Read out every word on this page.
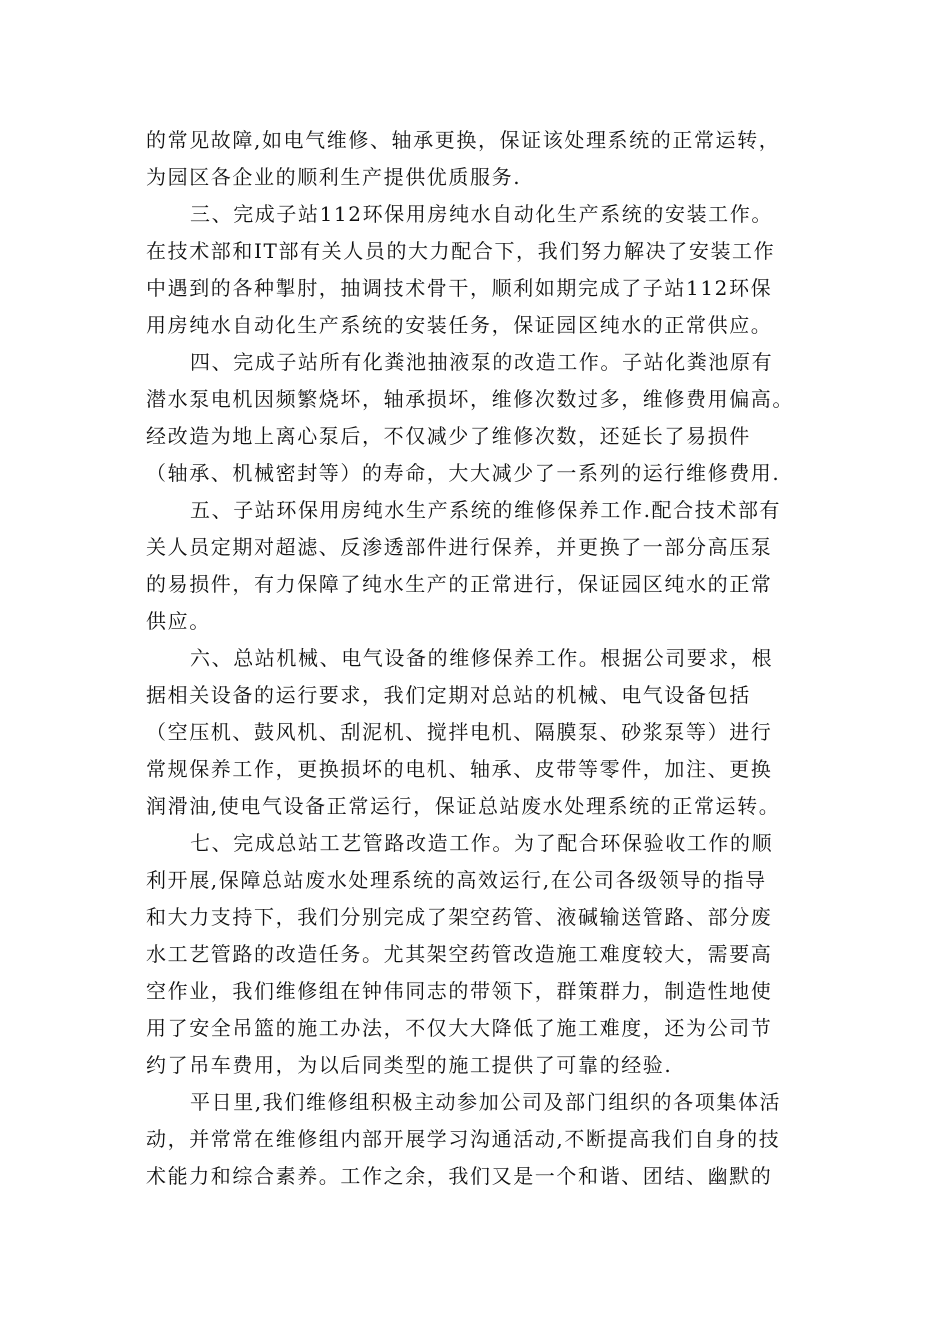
的常见故障,如电气维修、轴承更换，保证该处理系统的正常运转，
为园区各企业的顺利生产提供优质服务.
三、完成子站112环保用房纯水自动化生产系统的安装工作。
在技术部和IT部有关人员的大力配合下，我们努力解决了安装工作
中遇到的各种掣肘，抽调技术骨干，顺利如期完成了子站112环保
用房纯水自动化生产系统的安装任务，保证园区纯水的正常供应。
四、完成子站所有化粪池抽液泵的改造工作。子站化粪池原有
潜水泵电机因频繁烧坏，轴承损坏，维修次数过多，维修费用偏高。
经改造为地上离心泵后，不仅减少了维修次数，还延长了易损件
（轴承、机械密封等）的寿命，大大减少了一系列的运行维修费用.
五、子站环保用房纯水生产系统的维修保养工作.配合技术部有
关人员定期对超滤、反渗透部件进行保养，并更换了一部分高压泵
的易损件，有力保障了纯水生产的正常进行，保证园区纯水的正常
供应。
六、总站机械、电气设备的维修保养工作。根据公司要求，根
据相关设备的运行要求，我们定期对总站的机械、电气设备包括
（空压机、鼓风机、刮泥机、搅拌电机、隔膜泵、砂浆泵等）进行
常规保养工作，更换损坏的电机、轴承、皮带等零件，加注、更换
润滑油,使电气设备正常运行，保证总站废水处理系统的正常运转。
七、完成总站工艺管路改造工作。为了配合环保验收工作的顺
利开展,保障总站废水处理系统的高效运行,在公司各级领导的指导
和大力支持下，我们分别完成了架空药管、液碱输送管路、部分废
水工艺管路的改造任务。尤其架空药管改造施工难度较大，需要高
空作业，我们维修组在钟伟同志的带领下，群策群力，制造性地使
用了安全吊篮的施工办法，不仅大大降低了施工难度，还为公司节
约了吊车费用，为以后同类型的施工提供了可靠的经验.
平日里,我们维修组积极主动参加公司及部门组织的各项集体活
动，并常常在维修组内部开展学习沟通活动,不断提高我们自身的技
术能力和综合素养。工作之余，我们又是一个和谐、团结、幽默的
